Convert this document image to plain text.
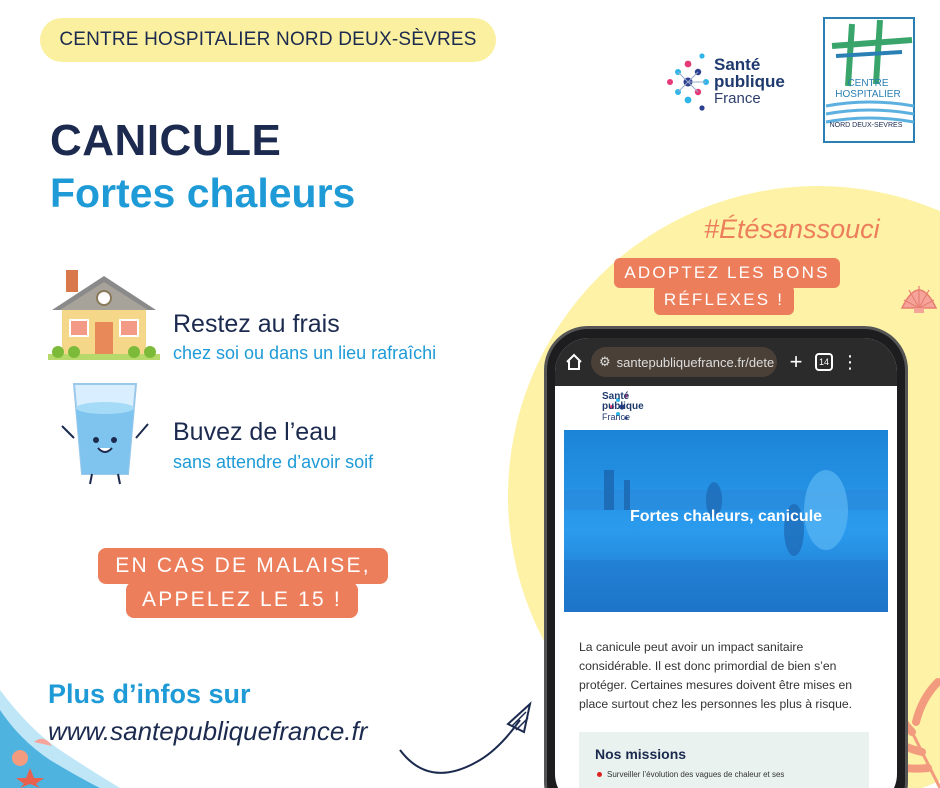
CENTRE HOSPITALIER NORD DEUX-SÈVRES
Santé
publique
France
CENTRE
HOSPITALIER
NORD DEUX-SEVRES
CANICULE
Fortes chaleurs
Restez au frais
chez soi ou dans un lieu rafraîchi
Buvez de l’eau
sans attendre d’avoir soif
EN CAS DE MALAISE,
APPELEZ LE 15 !
Plus d’infos sur
www.santepubliquefrance.fr
#Étésanssouci
ADOPTEZ LES BONS
RÉFLEXES !
⚙ santepubliquefrance.fr/dete +	14 ⋮
Santé
publique
France
Fortes chaleurs, canicule
La canicule peut avoir un impact sanitaire considérable. Il est donc primordial de bien s’en protéger. Certaines mesures doivent être mises en place surtout chez les personnes les plus à risque.
Nos missions
Surveiller l’évolution des vagues de chaleur et ses
